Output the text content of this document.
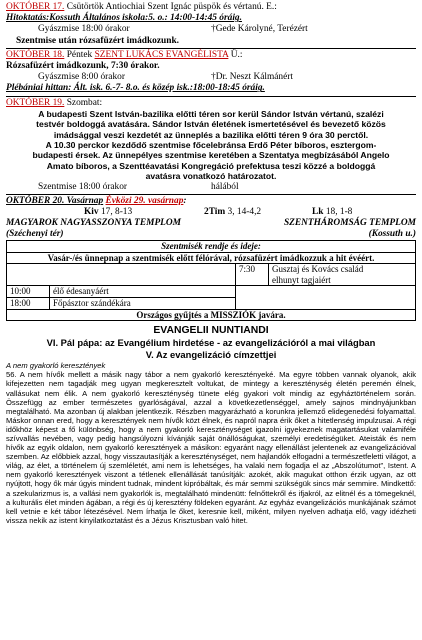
OKTÓBER 17. Csütörtök Antiochiai Szent Ignác püspök és vértanú. E.:
Hitoktatás:Kossuth Általános iskola:5. o.: 14:00-14:45 óráig.
Gyászmise 18:00 órakor	†Gede Károlyné, Terézért
Szentmise után rózsafüzért imádkozunk.
OKTÓBER 18. Péntek SZENT LUKÁCS EVANGÉLISTA Ü.:
Rózsafüzért imádkozunk, 7:30 órakor.
Gyászmise 8:00 órakor	†Dr. Neszt Kálmánért
Plébániai hittan: Ált. isk. 6.-7- 8.o. és közép isk.:18:00-18:45 óráig.
OKTÓBER 19. Szombat:
A budapesti Szent István-bazilika előtti téren sor kerül Sándor István vértanú, szalézi
testvér boldoggá avatására. Sándor István életének ismertetésével és bevezető közös
imádsággal veszi kezdetét az ünneplés a bazilika előtti téren 9 óra 30 perctől.
A 10.30 perckor kezdődő szentmise főcelebránsa Erdő Péter bíboros, esztergom-
budapesti érsek. Az ünnepélyes szentmise keretében a Szentatya megbízásából Angelo
Amato bíboros, a Szenttéavatási Kongregáció prefektusa teszi közzé a boldoggá
avatásra vonatkozó határozatot.
Szentmise 18:00 órakor	hálából
OKTÓBER 20. Vasárnap Évközi 29. vasárnap:
Kiv 17, 8-13	2Tim 3, 14-4,2	Lk 18, 1-8
MAGYAROK NAGYASSZONYA TEMPLOM	SZENTHÁROMSÁG TEMPLOM
(Széchenyi tér)	(Kossuth u.)
Szentmisék rendje és ideje:			
Vasár-/és ünnepnap a szentmisék előtt félórával, rózsafüzért imádkozzuk a hit évéért.			
		7:30	Gusztaj és Kovács család
elhunyt tagjaiért

10:00	élő édesanyáért		
18:00	Főpásztor szándékára		
Országos gyűjtés a MISSZIÓK javára.			
EVANGELII NUNTIANDI
VI. Pál pápa: az Evangélium hirdetése - az evangelizációról a mai világban
V. Az evangelizáció címzettjei
A nem gyakorló keresztények
56. A nem hívők mellett a másik nagy tábor a nem gyakorló keresztényeké. Ma egyre többen vannak olyanok, akik kifejezetten nem tagadják meg ugyan megkeresztelt voltukat, de mintegy a kereszténység életén peremén élnek, vallásukat nem élik. A nem gyakorló kereszténység tünete elég gyakori volt mindig az egyháztörténelem során. Összefügg az ember természetes gyarlóságával, azzal a következetlenséggel, amely sajnos mindnyájunkban megtalálható. Ma azonban új alakban jelentkezik. Részben magyarázható a korunkra jellemző elidegenedési folyamattal. Máskor onnan ered, hogy a keresztények nem hívők közt élnek, és napról napra érik őket a hitetlenség impulzusai. A régi időkhöz képest a fő különbség, hogy a nem gyakorló kereszténységet igazolni igyekeznek magatartásukat valamiféle szívvallás nevében, vagy pedig hangsúlyozni kívánják saját önállóságukat, személyi eredetiségüket. Ateisták és nem hívők az egyik oldalon, nem gyakorló keresztények a másikon: egyaránt nagy ellenállást jelentenek az evangelizációval szemben. Az előbbiek azzal, hogy visszautasítják a kereszténységet, nem hajlandók elfogadni a természetfeletti világot, a világ, az élet, a történelem új szemléletét, ami nem is lehetséges, ha valaki nem fogadja el az „Abszolútumot”, Istent. A nem gyakorló keresztények viszont a tétlenek ellenállását tanúsítják: azokét, akik magukat otthon érzik ugyan, az ott nyújtott, hogy ők már úgyis mindent tudnak, mindent kipróbáltak, és már semmi szükségük sincs már semmire. Mindkettő: a szekularizmus is, a vallási nem gyakorlók is, megtalálható mindenütt: felnőttekről és ifjakról, az elitnél és a tömegeknél, a kulturális élet minden ágában, a régi és új keresztény földeken egyaránt. Az egyház evangelizációs munkájának számot kell vetnie e két tábor létezésével. Nem írhatja le őket, keresnie kell, miként, milyen nyelven adhatja elő, vagy idézheti vissza nekik az istent kinyilatkoztatást és a Jézus Krisztusban való hitet.
